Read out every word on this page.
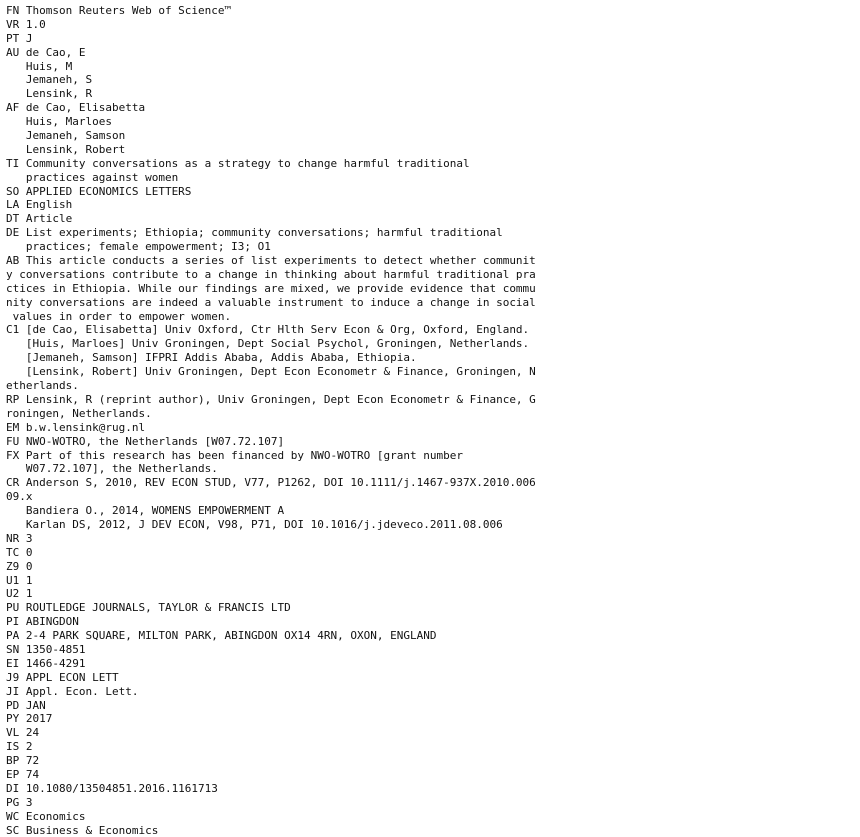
﻿FN Thomson Reuters Web of Science™
VR 1.0
PT J
AU de Cao, E
Huis, M
Jemaneh, S
Lensink, R
AF de Cao, Elisabetta
Huis, Marloes
Jemaneh, Samson
Lensink, Robert
TI Community conversations as a strategy to change harmful traditional
practices against women
SO APPLIED ECONOMICS LETTERS
LA English
DT Article
DE List experiments; Ethiopia; community conversations; harmful traditional
practices; female empowerment; I3; O1
AB This article conducts a series of list experiments to detect whether communit
y conversations contribute to a change in thinking about harmful traditional pra
ctices in Ethiopia. While our findings are mixed, we provide evidence that commu
nity conversations are indeed a valuable instrument to induce a change in social
values in order to empower women.
C1 [de Cao, Elisabetta] Univ Oxford, Ctr Hlth Serv Econ & Org, Oxford, England.
[Huis, Marloes] Univ Groningen, Dept Social Psychol, Groningen, Netherlands.
[Jemaneh, Samson] IFPRI Addis Ababa, Addis Ababa, Ethiopia.
[Lensink, Robert] Univ Groningen, Dept Econ Econometr & Finance, Groningen, N
etherlands.
RP Lensink, R (reprint author), Univ Groningen, Dept Econ Econometr & Finance, G
roningen, Netherlands.
EM b.w.lensink@rug.nl
FU NWO-WOTRO, the Netherlands [W07.72.107]
FX Part of this research has been financed by NWO-WOTRO [grant number
W07.72.107], the Netherlands.
CR Anderson S, 2010, REV ECON STUD, V77, P1262, DOI 10.1111/j.1467-937X.2010.006
09.x
Bandiera O., 2014, WOMENS EMPOWERMENT A
Karlan DS, 2012, J DEV ECON, V98, P71, DOI 10.1016/j.jdeveco.2011.08.006
NR 3
TC 0
Z9 0
U1 1
U2 1
PU ROUTLEDGE JOURNALS, TAYLOR & FRANCIS LTD
PI ABINGDON
PA 2-4 PARK SQUARE, MILTON PARK, ABINGDON OX14 4RN, OXON, ENGLAND
SN 1350-4851
EI 1466-4291
J9 APPL ECON LETT
JI Appl. Econ. Lett.
PD JAN
PY 2017
VL 24
IS 2
BP 72
EP 74
DI 10.1080/13504851.2016.1161713
PG 3
WC Economics
SC Business & Economics
